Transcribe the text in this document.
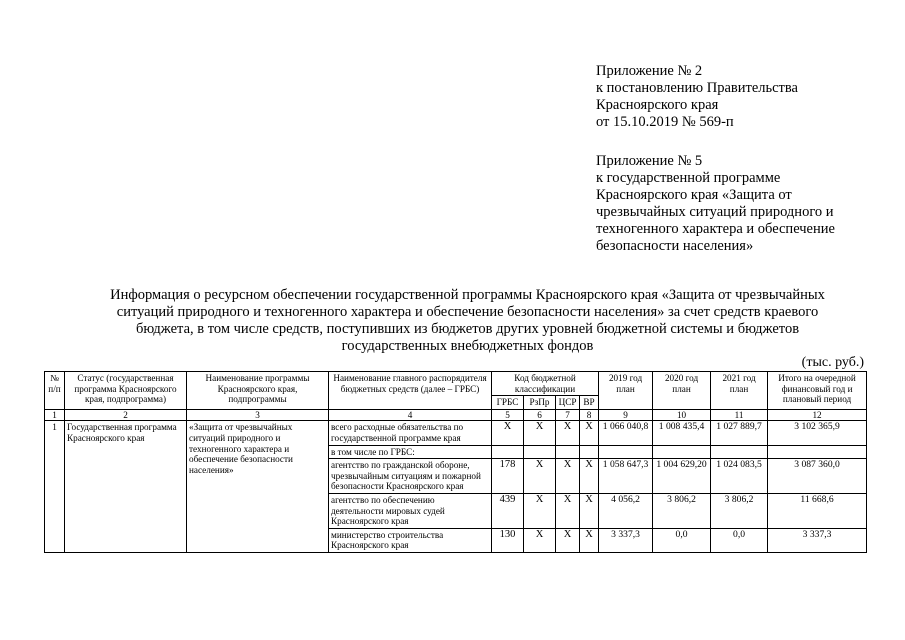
Приложение № 2
к постановлению Правительства
Красноярского края
от 15.10.2019 № 569-п
Приложение № 5
к государственной программе
Красноярского края «Защита от
чрезвычайных ситуаций природного и
техногенного характера и обеспечение
безопасности населения»
Информация о ресурсном обеспечении государственной программы Красноярского края «Защита от чрезвычайных
ситуаций природного и техногенного характера и обеспечение безопасности населения» за счет средств краевого
бюджета, в том числе средств, поступивших из бюджетов других уровней бюджетной системы и бюджетов
государственных внебюджетных фондов
(тыс. руб.)
№ п/п	Статус (государственная программа Красноярского края, подпрограмма)	Наименование программы Красноярского края, подпрограммы	Наименование главного распорядителя бюджетных средств (далее – ГРБС)	Код бюджетной классификации				2019 год план	2020 год план	2021 год план	Итого на очередной финансовый год и плановый период
				ГРБС	РзПр	ЦСР	ВР				
1	2	3	4	5	6	7	8	9	10	11	12
1	Государственная программа Красноярского края	«Защита от чрезвычайных ситуаций природного и техногенного характера и обеспечение безопасности населения»	всего расходные обязательства по государственной программе края	X	X	X	X	1 066 040,8	1 008 435,4	1 027 889,7	3 102 365,9
			в том числе по ГРБС:								
			агентство по гражданской обороне, чрезвычайным ситуациям и пожарной безопасности Красноярского края	178	X	X	X	1 058 647,3	1 004 629,20	1 024 083,5	3 087 360,0
			агентство по обеспечению деятельности мировых судей Красноярского края	439	X	X	X	4 056,2	3 806,2	3 806,2	11 668,6
			министерство строительства Красноярского края	130	X	X	X	3 337,3	0,0	0,0	3 337,3
